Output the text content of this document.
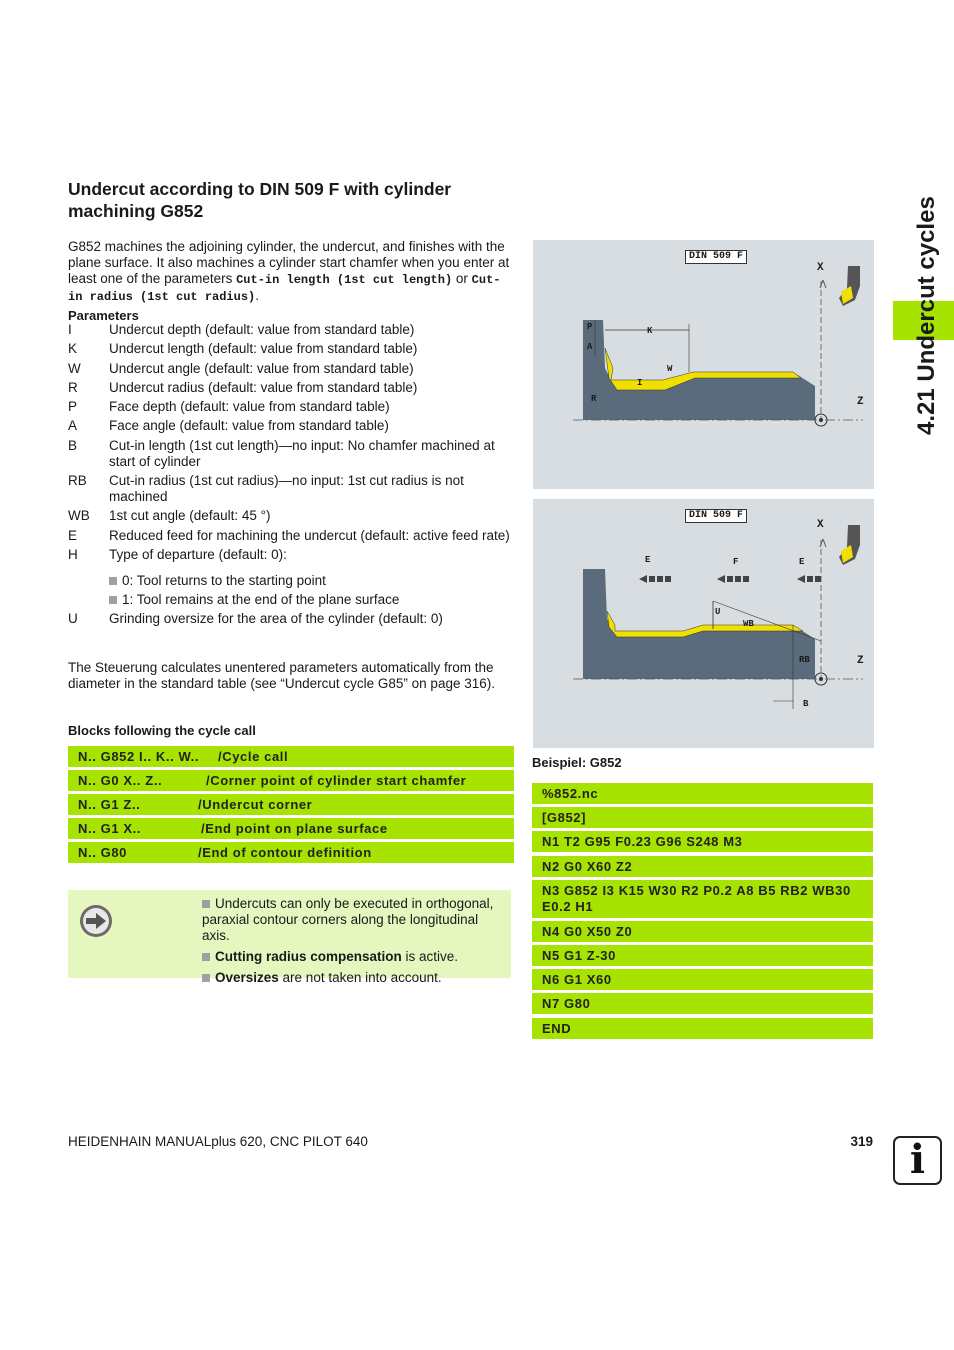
Undercut according to DIN 509 F with cylinder machining G852
G852 machines the adjoining cylinder, the undercut, and finishes with the plane surface. It also machines a cylinder start chamfer when you enter at least one of the parameters Cut-in length (1st cut length) or Cut-in radius (1st cut radius).
Parameters
I	Undercut depth (default: value from standard table)
K	Undercut length (default: value from standard table)
W	Undercut angle (default: value from standard table)
R	Undercut radius (default: value from standard table)
P	Face depth (default: value from standard table)
A	Face angle (default: value from standard table)
B	Cut-in length (1st cut length)—no input: No chamfer machined at start of cylinder
RB	Cut-in radius (1st cut radius)—no input: 1st cut radius is not machined
WB	1st cut angle (default: 45 °)
E	Reduced feed for machining the undercut (default: active feed rate)
H	Type of departure (default: 0):
0: Tool returns to the starting point
1: Tool remains at the end of the plane surface
U	Grinding oversize for the area of the cylinder (default: 0)
The Steuerung calculates unentered parameters automatically from the diameter in the standard table (see “Undercut cycle G85” on page 316).
Blocks following the cycle call
N.. G852 I.. K.. W..	/Cycle call
N.. G0 X.. Z..	/Corner point of cylinder start chamfer
N.. G1 Z..	/Undercut corner
N.. G1 X..	/End point on plane surface
N.. G80	/End of contour definition

Undercuts can only be executed in orthogonal, paraxial contour corners along the longitudinal axis.

Cutting radius compensation is active.

Oversizes are not taken into account.

DIN 509 F
X
Z
P	K
A
I
W
R
DIN 509 F
X
Z
E	F	E
U
WB
RB
B
Beispiel: G852
%852.nc
[G852]
N1 T2 G95 F0.23 G96 S248 M3
N2 G0 X60 Z2
N3 G852 I3 K15 W30 R2 P0.2 A8 B5 RB2 WB30 E0.2 H1
N4 G0 X50 Z0
N5 G1 Z-30
N6 G1 X60
N7 G80
END
4.21 Undercut cycles
HEIDENHAIN MANUALplus 620, CNC PILOT 640	319 i
